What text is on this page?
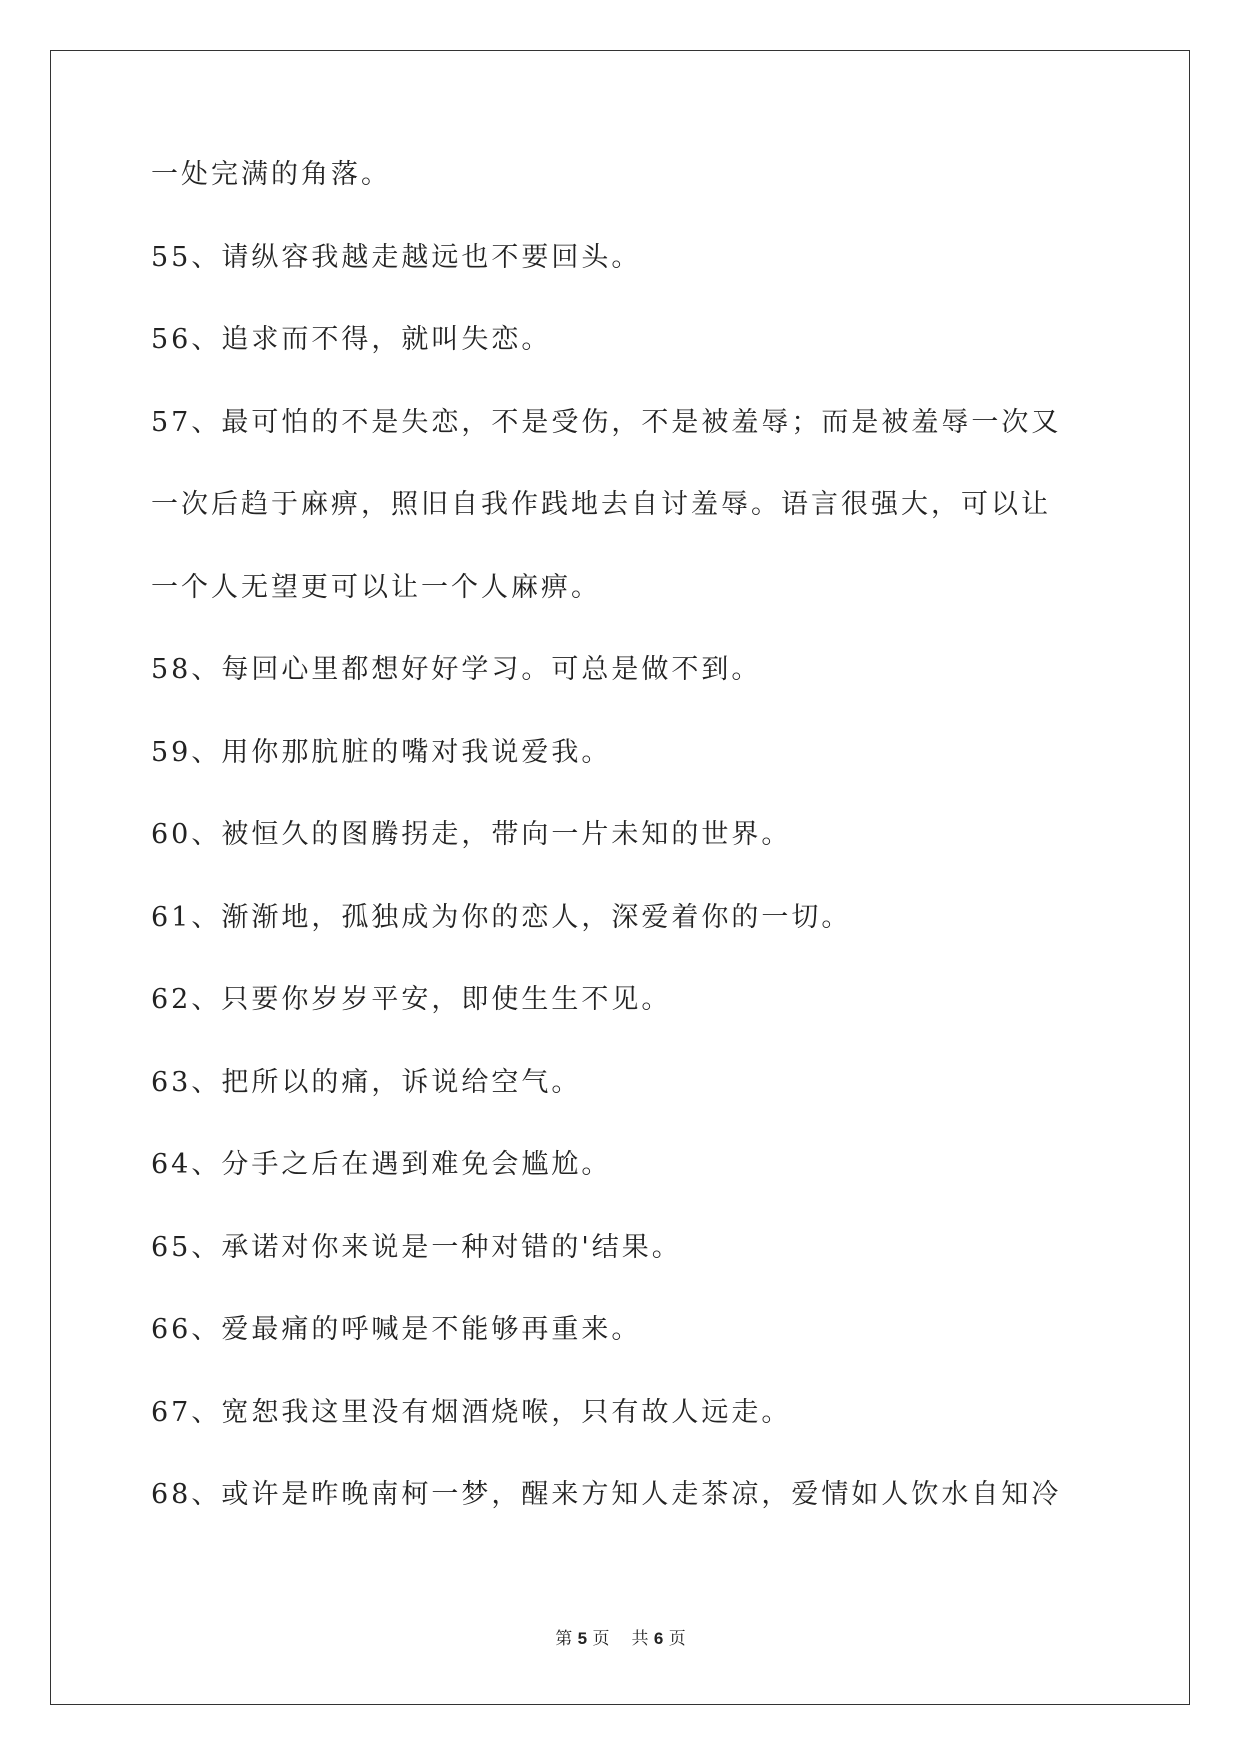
一处完满的角落。

55、请纵容我越走越远也不要回头。

56、追求而不得，就叫失恋。

57、最可怕的不是失恋，不是受伤，不是被羞辱；而是被羞辱一次又

一次后趋于麻痹，照旧自我作践地去自讨羞辱。语言很强大，可以让

一个人无望更可以让一个人麻痹。

58、每回心里都想好好学习。可总是做不到。

59、用你那肮脏的嘴对我说爱我。

60、被恒久的图腾拐走，带向一片未知的世界。

61、渐渐地，孤独成为你的恋人，深爱着你的一切。

62、只要你岁岁平安，即使生生不见。

63、把所以的痛，诉说给空气。

64、分手之后在遇到难免会尴尬。

65、承诺对你来说是一种对错的'结果。

66、爱最痛的呼喊是不能够再重来。

67、宽恕我这里没有烟酒烧喉，只有故人远走。

68、或许是昨晚南柯一梦，醒来方知人走茶凉，爱情如人饮水自知冷

第 5 页 共 6 页
